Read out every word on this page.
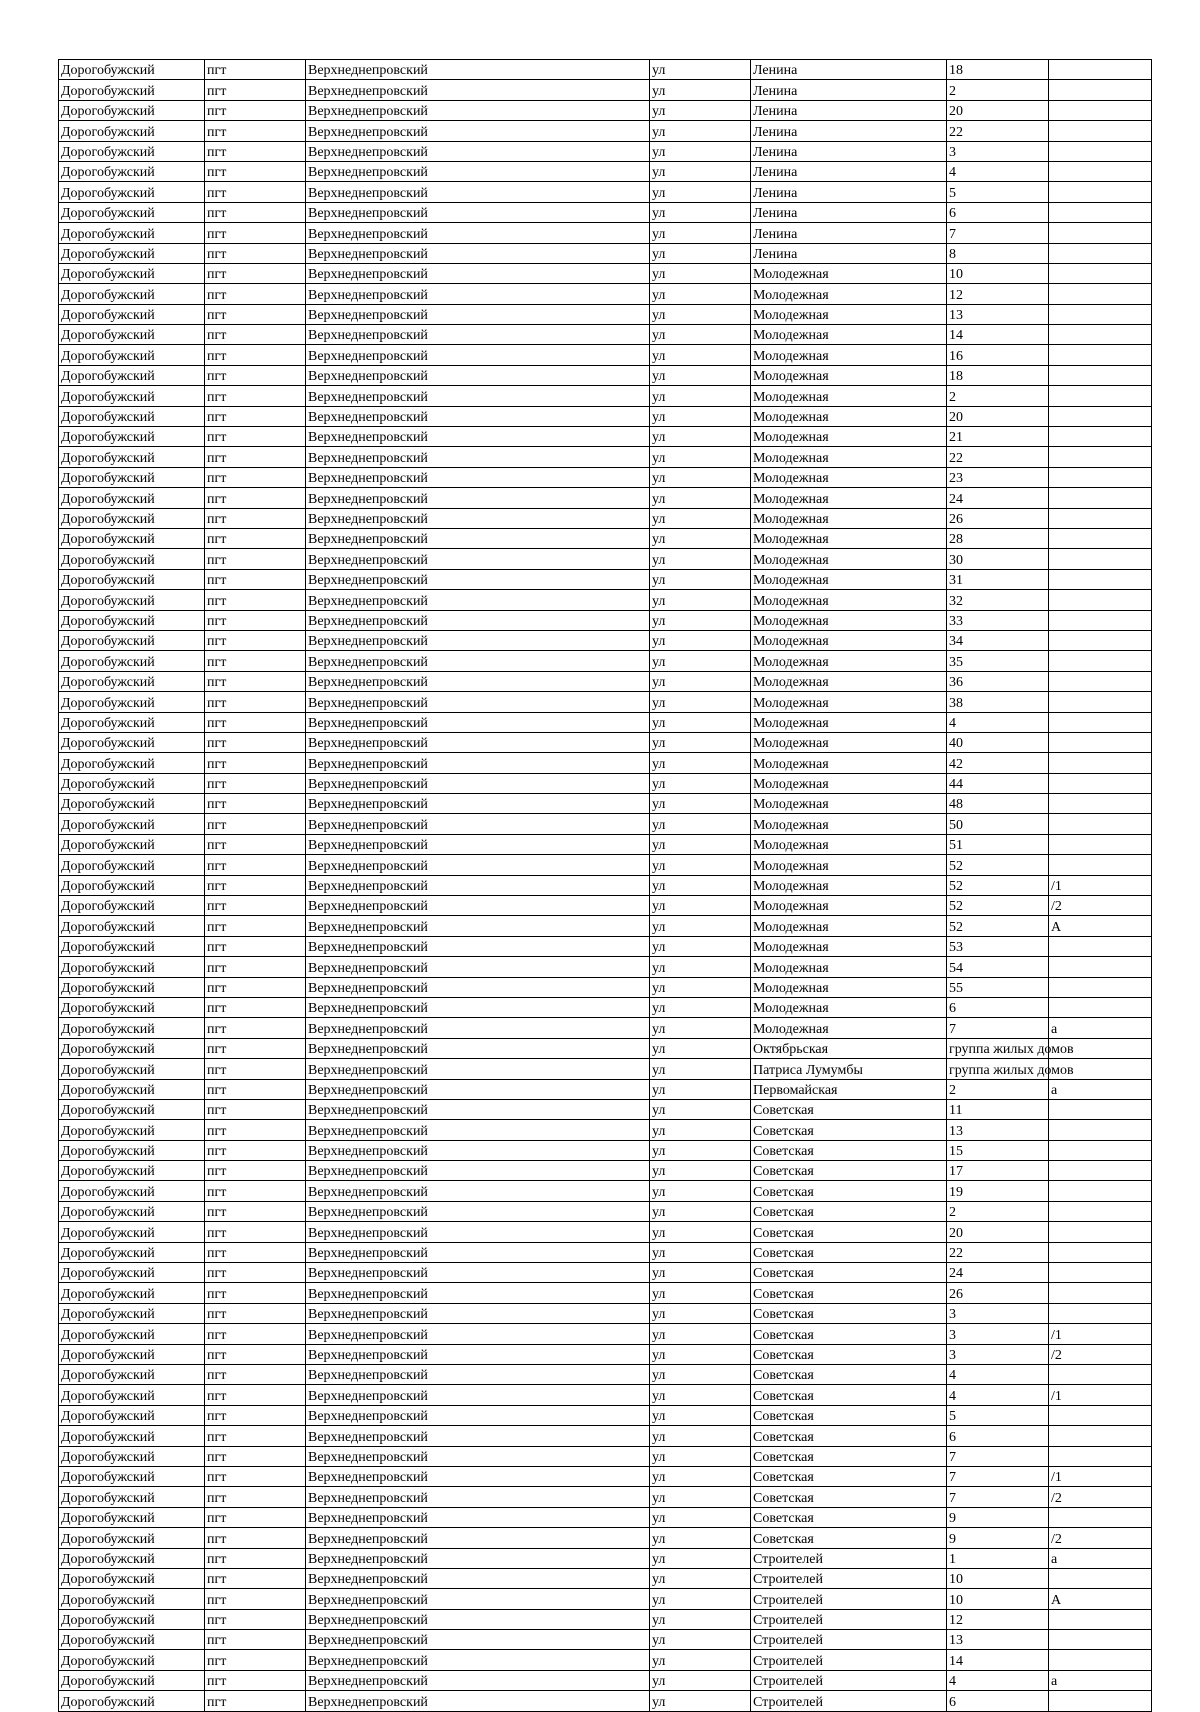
Дорогобужский	пгт	Верхнеднепровский	ул	Ленина	18	
Дорогобужский	пгт	Верхнеднепровский	ул	Ленина	2	
Дорогобужский	пгт	Верхнеднепровский	ул	Ленина	20	
Дорогобужский	пгт	Верхнеднепровский	ул	Ленина	22	
Дорогобужский	пгт	Верхнеднепровский	ул	Ленина	3	
Дорогобужский	пгт	Верхнеднепровский	ул	Ленина	4	
Дорогобужский	пгт	Верхнеднепровский	ул	Ленина	5	
Дорогобужский	пгт	Верхнеднепровский	ул	Ленина	6	
Дорогобужский	пгт	Верхнеднепровский	ул	Ленина	7	
Дорогобужский	пгт	Верхнеднепровский	ул	Ленина	8	
Дорогобужский	пгт	Верхнеднепровский	ул	Молодежная	10	
Дорогобужский	пгт	Верхнеднепровский	ул	Молодежная	12	
Дорогобужский	пгт	Верхнеднепровский	ул	Молодежная	13	
Дорогобужский	пгт	Верхнеднепровский	ул	Молодежная	14	
Дорогобужский	пгт	Верхнеднепровский	ул	Молодежная	16	
Дорогобужский	пгт	Верхнеднепровский	ул	Молодежная	18	
Дорогобужский	пгт	Верхнеднепровский	ул	Молодежная	2	
Дорогобужский	пгт	Верхнеднепровский	ул	Молодежная	20	
Дорогобужский	пгт	Верхнеднепровский	ул	Молодежная	21	
Дорогобужский	пгт	Верхнеднепровский	ул	Молодежная	22	
Дорогобужский	пгт	Верхнеднепровский	ул	Молодежная	23	
Дорогобужский	пгт	Верхнеднепровский	ул	Молодежная	24	
Дорогобужский	пгт	Верхнеднепровский	ул	Молодежная	26	
Дорогобужский	пгт	Верхнеднепровский	ул	Молодежная	28	
Дорогобужский	пгт	Верхнеднепровский	ул	Молодежная	30	
Дорогобужский	пгт	Верхнеднепровский	ул	Молодежная	31	
Дорогобужский	пгт	Верхнеднепровский	ул	Молодежная	32	
Дорогобужский	пгт	Верхнеднепровский	ул	Молодежная	33	
Дорогобужский	пгт	Верхнеднепровский	ул	Молодежная	34	
Дорогобужский	пгт	Верхнеднепровский	ул	Молодежная	35	
Дорогобужский	пгт	Верхнеднепровский	ул	Молодежная	36	
Дорогобужский	пгт	Верхнеднепровский	ул	Молодежная	38	
Дорогобужский	пгт	Верхнеднепровский	ул	Молодежная	4	
Дорогобужский	пгт	Верхнеднепровский	ул	Молодежная	40	
Дорогобужский	пгт	Верхнеднепровский	ул	Молодежная	42	
Дорогобужский	пгт	Верхнеднепровский	ул	Молодежная	44	
Дорогобужский	пгт	Верхнеднепровский	ул	Молодежная	48	
Дорогобужский	пгт	Верхнеднепровский	ул	Молодежная	50	
Дорогобужский	пгт	Верхнеднепровский	ул	Молодежная	51	
Дорогобужский	пгт	Верхнеднепровский	ул	Молодежная	52	
Дорогобужский	пгт	Верхнеднепровский	ул	Молодежная	52	/1
Дорогобужский	пгт	Верхнеднепровский	ул	Молодежная	52	/2
Дорогобужский	пгт	Верхнеднепровский	ул	Молодежная	52	А
Дорогобужский	пгт	Верхнеднепровский	ул	Молодежная	53	
Дорогобужский	пгт	Верхнеднепровский	ул	Молодежная	54	
Дорогобужский	пгт	Верхнеднепровский	ул	Молодежная	55	
Дорогобужский	пгт	Верхнеднепровский	ул	Молодежная	6	
Дорогобужский	пгт	Верхнеднепровский	ул	Молодежная	7	а
Дорогобужский	пгт	Верхнеднепровский	ул	Октябрьская	группа жилых домов	
Дорогобужский	пгт	Верхнеднепровский	ул	Патриса Лумумбы	группа жилых домов	
Дорогобужский	пгт	Верхнеднепровский	ул	Первомайская	2	а
Дорогобужский	пгт	Верхнеднепровский	ул	Советская	11	
Дорогобужский	пгт	Верхнеднепровский	ул	Советская	13	
Дорогобужский	пгт	Верхнеднепровский	ул	Советская	15	
Дорогобужский	пгт	Верхнеднепровский	ул	Советская	17	
Дорогобужский	пгт	Верхнеднепровский	ул	Советская	19	
Дорогобужский	пгт	Верхнеднепровский	ул	Советская	2	
Дорогобужский	пгт	Верхнеднепровский	ул	Советская	20	
Дорогобужский	пгт	Верхнеднепровский	ул	Советская	22	
Дорогобужский	пгт	Верхнеднепровский	ул	Советская	24	
Дорогобужский	пгт	Верхнеднепровский	ул	Советская	26	
Дорогобужский	пгт	Верхнеднепровский	ул	Советская	3	
Дорогобужский	пгт	Верхнеднепровский	ул	Советская	3	/1
Дорогобужский	пгт	Верхнеднепровский	ул	Советская	3	/2
Дорогобужский	пгт	Верхнеднепровский	ул	Советская	4	
Дорогобужский	пгт	Верхнеднепровский	ул	Советская	4	/1
Дорогобужский	пгт	Верхнеднепровский	ул	Советская	5	
Дорогобужский	пгт	Верхнеднепровский	ул	Советская	6	
Дорогобужский	пгт	Верхнеднепровский	ул	Советская	7	
Дорогобужский	пгт	Верхнеднепровский	ул	Советская	7	/1
Дорогобужский	пгт	Верхнеднепровский	ул	Советская	7	/2
Дорогобужский	пгт	Верхнеднепровский	ул	Советская	9	
Дорогобужский	пгт	Верхнеднепровский	ул	Советская	9	/2
Дорогобужский	пгт	Верхнеднепровский	ул	Строителей	1	а
Дорогобужский	пгт	Верхнеднепровский	ул	Строителей	10	
Дорогобужский	пгт	Верхнеднепровский	ул	Строителей	10	А
Дорогобужский	пгт	Верхнеднепровский	ул	Строителей	12	
Дорогобужский	пгт	Верхнеднепровский	ул	Строителей	13	
Дорогобужский	пгт	Верхнеднепровский	ул	Строителей	14	
Дорогобужский	пгт	Верхнеднепровский	ул	Строителей	4	а
Дорогобужский	пгт	Верхнеднепровский	ул	Строителей	6	
